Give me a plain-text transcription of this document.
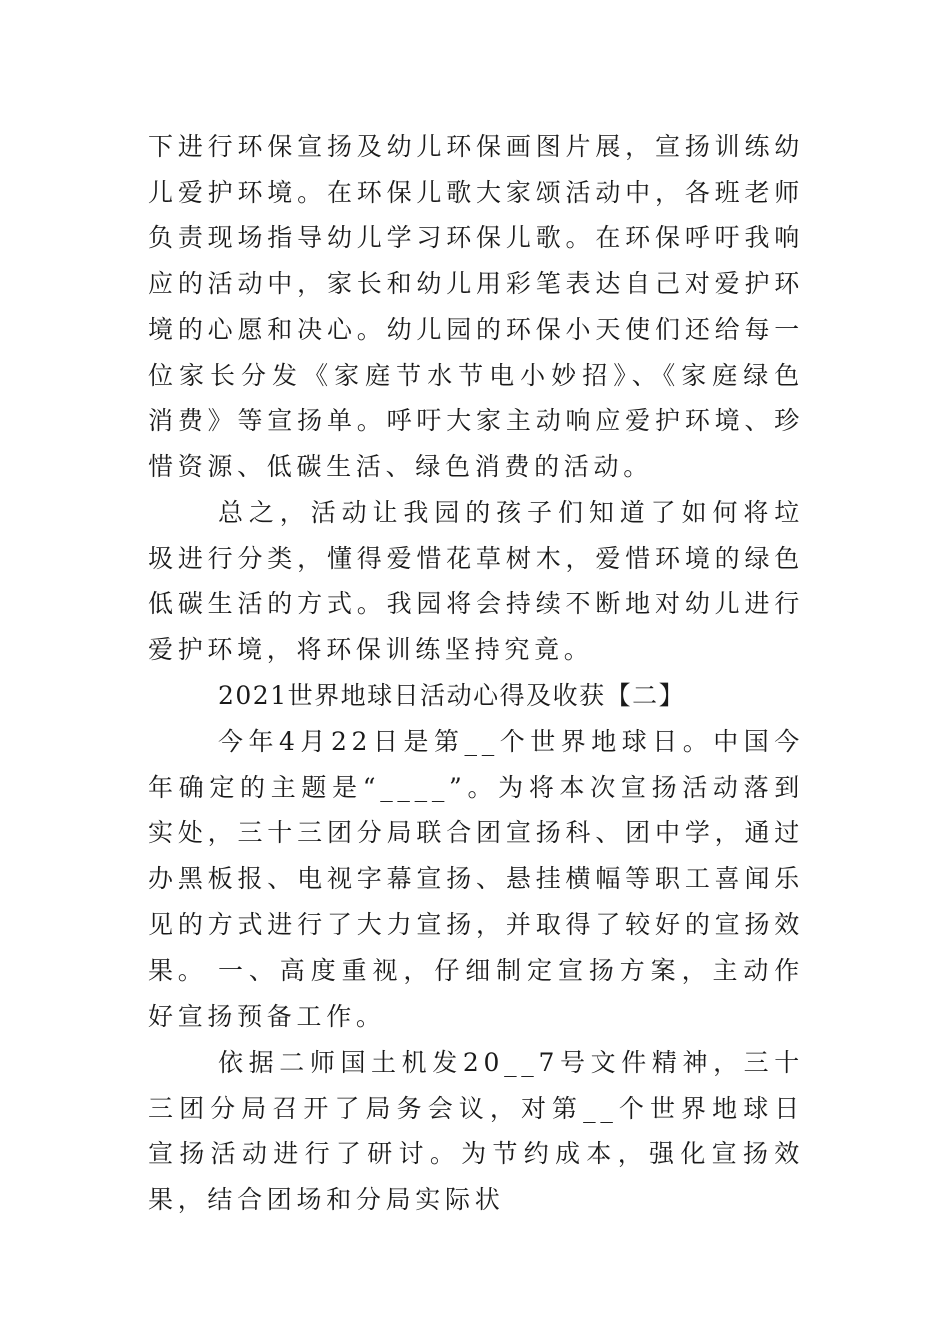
下进行环保宣扬及幼儿环保画图片展，宣扬训练幼儿爱护环境。在环保儿歌大家颂活动中，各班老师负责现场指导幼儿学习环保儿歌。在环保呼吁我响应的活动中，家长和幼儿用彩笔表达自己对爱护环境的心愿和决心。幼儿园的环保小天使们还给每一位家长分发《家庭节水节电小妙招》、《家庭绿色消费》等宣扬单。呼吁大家主动响应爱护环境、珍惜资源、低碳生活、绿色消费的活动。

总之，活动让我园的孩子们知道了如何将垃圾进行分类，懂得爱惜花草树木，爱惜环境的绿色低碳生活的方式。我园将会持续不断地对幼儿进行爱护环境，将环保训练坚持究竟。

2021世界地球日活动心得及收获【二】

今年4月22日是第__个世界地球日。中国今年确定的主题是“____”。为将本次宣扬活动落到实处，三十三团分局联合团宣扬科、团中学，通过办黑板报、电视字幕宣扬、悬挂横幅等职工喜闻乐见的方式进行了大力宣扬，并取得了较好的宣扬效果。 一、高度重视，仔细制定宣扬方案，主动作好宣扬预备工作。

依据二师国土机发20__7号文件精神，三十三团分局召开了局务会议，对第__个世界地球日宣扬活动进行了研讨。为节约成本，强化宣扬效果，结合团场和分局实际状
